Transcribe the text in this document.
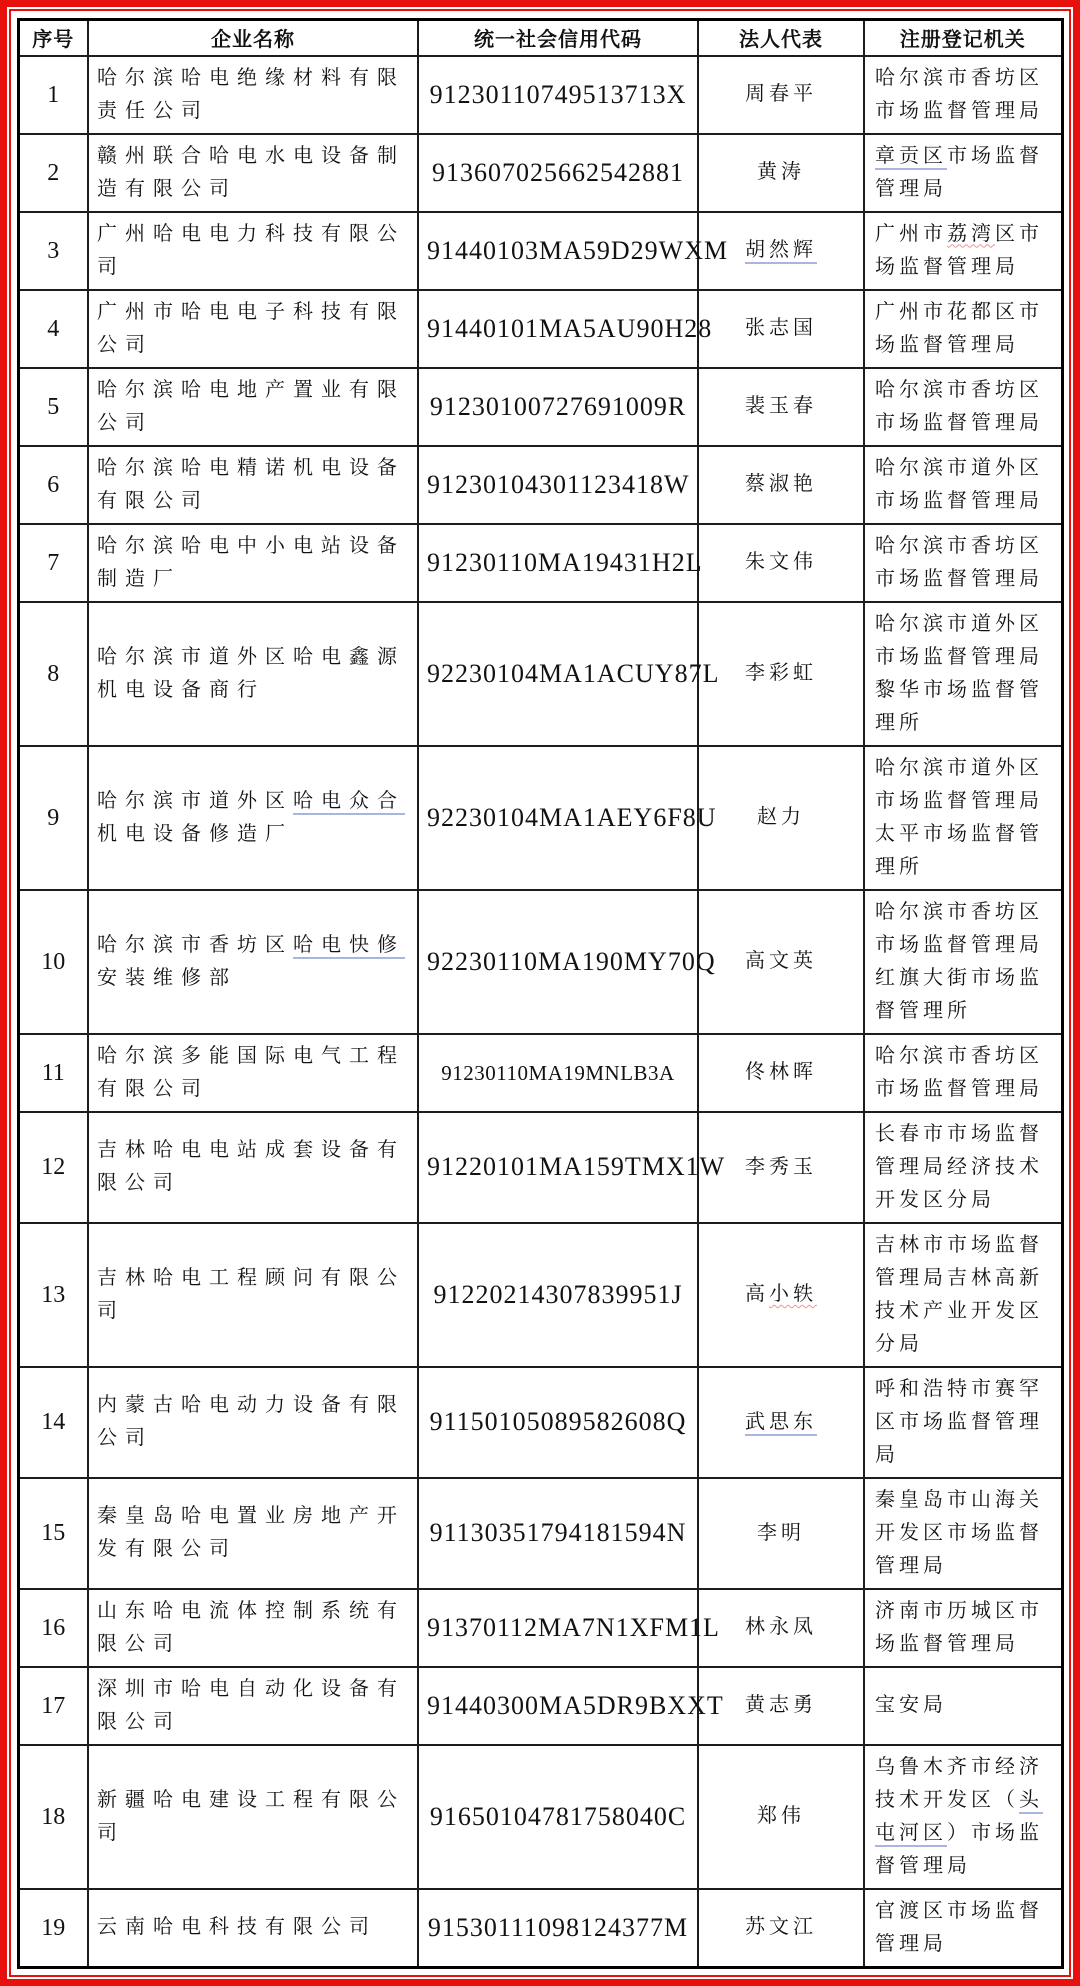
序号	企业名称	统一社会信用代码	法人代表	注册登记机关
1	哈尔滨哈电绝缘材料有限责任公司	91230110749513713X	周春平	哈尔滨市香坊区市场监督管理局
2	赣州联合哈电水电设备制造有限公司	913607025662542881	黄涛	章贡区市场监督管理局
3	广州哈电电力科技有限公司	91440103MA59D29WXM	胡然辉	广州市荔湾区市场监督管理局
4	广州市哈电电子科技有限公司	91440101MA5AU90H28	张志国	广州市花都区市场监督管理局
5	哈尔滨哈电地产置业有限公司	91230100727691009R	裴玉春	哈尔滨市香坊区市场监督管理局
6	哈尔滨哈电精诺机电设备有限公司	91230104301123418W	蔡淑艳	哈尔滨市道外区市场监督管理局
7	哈尔滨哈电中小电站设备制造厂	91230110MA19431H2L	朱文伟	哈尔滨市香坊区市场监督管理局
8	哈尔滨市道外区哈电鑫源机电设备商行	92230104MA1ACUY87L	李彩虹	哈尔滨市道外区市场监督管理局黎华市场监督管理所
9	哈尔滨市道外区哈电众合机电设备修造厂	92230104MA1AEY6F8U	赵力	哈尔滨市道外区市场监督管理局太平市场监督管理所
10	哈尔滨市香坊区哈电快修安装维修部	92230110MA190MY70Q	高文英	哈尔滨市香坊区市场监督管理局红旗大街市场监督管理所
11	哈尔滨多能国际电气工程有限公司	91230110MA19MNLB3A	佟林晖	哈尔滨市香坊区市场监督管理局
12	吉林哈电电站成套设备有限公司	91220101MA159TMX1W	李秀玉	长春市市场监督管理局经济技术开发区分局
13	吉林哈电工程顾问有限公司	91220214307839951J	高小轶	吉林市市场监督管理局吉林高新技术产业开发区分局
14	内蒙古哈电动力设备有限公司	91150105089582608Q	武思东	呼和浩特市赛罕区市场监督管理局
15	秦皇岛哈电置业房地产开发有限公司	91130351794181594N	李明	秦皇岛市山海关开发区市场监督管理局
16	山东哈电流体控制系统有限公司	91370112MA7N1XFM1L	林永凤	济南市历城区市场监督管理局
17	深圳市哈电自动化设备有限公司	91440300MA5DR9BXXT	黄志勇	宝安局
18	新疆哈电建设工程有限公司	91650104781758040C	郑伟	乌鲁木齐市经济技术开发区（头屯河区）市场监督管理局
19	云南哈电科技有限公司	91530111098124377M	苏文江	官渡区市场监督管理局
